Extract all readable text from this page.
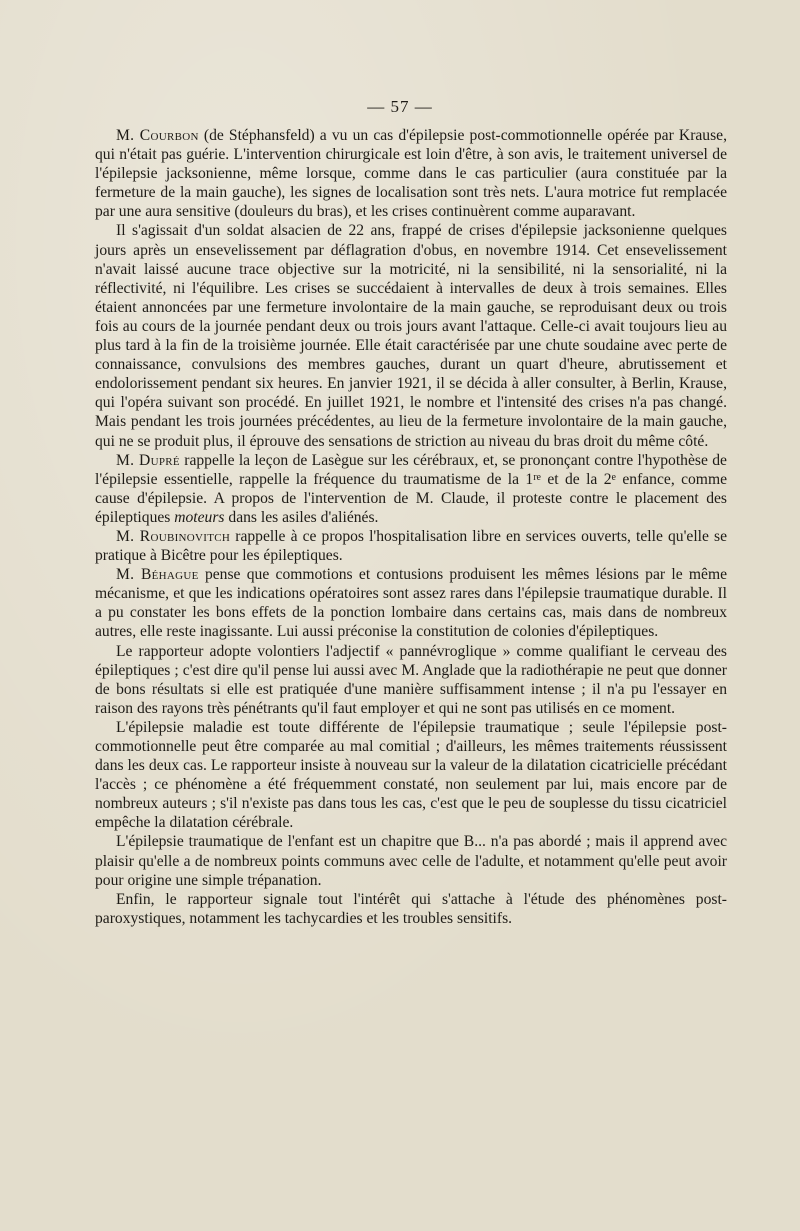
— 57 —

M. Courbon (de Stéphansfeld) a vu un cas d'épilepsie post-commotionnelle opérée par Krause, qui n'était pas guérie. L'intervention chirurgicale est loin d'être, à son avis, le traitement universel de l'épilepsie jacksonienne, même lorsque, comme dans le cas particulier (aura constituée par la fermeture de la main gauche), les signes de localisation sont très nets. L'aura motrice fut remplacée par une aura sensitive (douleurs du bras), et les crises continuèrent comme auparavant.

Il s'agissait d'un soldat alsacien de 22 ans, frappé de crises d'épilepsie jacksonienne quelques jours après un ensevelissement par déflagration d'obus, en novembre 1914. Cet ensevelissement n'avait laissé aucune trace objective sur la motricité, ni la sensibilité, ni la sensorialité, ni la réflectivité, ni l'équilibre. Les crises se succédaient à intervalles de deux à trois semaines. Elles étaient annoncées par une fermeture involontaire de la main gauche, se reproduisant deux ou trois fois au cours de la journée pendant deux ou trois jours avant l'attaque. Celle-ci avait toujours lieu au plus tard à la fin de la troisième journée. Elle était caractérisée par une chute soudaine avec perte de connaissance, convulsions des membres gauches, durant un quart d'heure, abrutissement et endolorissement pendant six heures. En janvier 1921, il se décida à aller consulter, à Berlin, Krause, qui l'opéra suivant son procédé. En juillet 1921, le nombre et l'intensité des crises n'a pas changé. Mais pendant les trois journées précédentes, au lieu de la fermeture involontaire de la main gauche, qui ne se produit plus, il éprouve des sensations de striction au niveau du bras droit du même côté.

M. Dupré rappelle la leçon de Lasègue sur les cérébraux, et, se prononçant contre l'hypothèse de l'épilepsie essentielle, rappelle la fréquence du traumatisme de la 1re et de la 2e enfance, comme cause d'épilepsie. A propos de l'intervention de M. Claude, il proteste contre le placement des épileptiques moteurs dans les asiles d'aliénés.

M. Roubinovitch rappelle à ce propos l'hospitalisation libre en services ouverts, telle qu'elle se pratique à Bicêtre pour les épileptiques.

M. Béhague pense que commotions et contusions produisent les mêmes lésions par le même mécanisme, et que les indications opératoires sont assez rares dans l'épilepsie traumatique durable. Il a pu constater les bons effets de la ponction lombaire dans certains cas, mais dans de nombreux autres, elle reste inagissante. Lui aussi préconise la constitution de colonies d'épileptiques.

Le rapporteur adopte volontiers l'adjectif « pannévroglique » comme qualifiant le cerveau des épileptiques ; c'est dire qu'il pense lui aussi avec M. Anglade que la radiothérapie ne peut que donner de bons résultats si elle est pratiquée d'une manière suffisamment intense ; il n'a pu l'essayer en raison des rayons très pénétrants qu'il faut employer et qui ne sont pas utilisés en ce moment.

L'épilepsie maladie est toute différente de l'épilepsie traumatique ; seule l'épilepsie post-commotionnelle peut être comparée au mal comitial ; d'ailleurs, les mêmes traitements réussissent dans les deux cas. Le rapporteur insiste à nouveau sur la valeur de la dilatation cicatricielle précédant l'accès ; ce phénomène a été fréquemment constaté, non seulement par lui, mais encore par de nombreux auteurs ; s'il n'existe pas dans tous les cas, c'est que le peu de souplesse du tissu cicatriciel empêche la dilatation cérébrale.

L'épilepsie traumatique de l'enfant est un chapitre que B... n'a pas abordé ; mais il apprend avec plaisir qu'elle a de nombreux points communs avec celle de l'adulte, et notamment qu'elle peut avoir pour origine une simple trépanation.

Enfin, le rapporteur signale tout l'intérêt qui s'attache à l'étude des phénomènes post-paroxystiques, notamment les tachycardies et les troubles sensitifs.
